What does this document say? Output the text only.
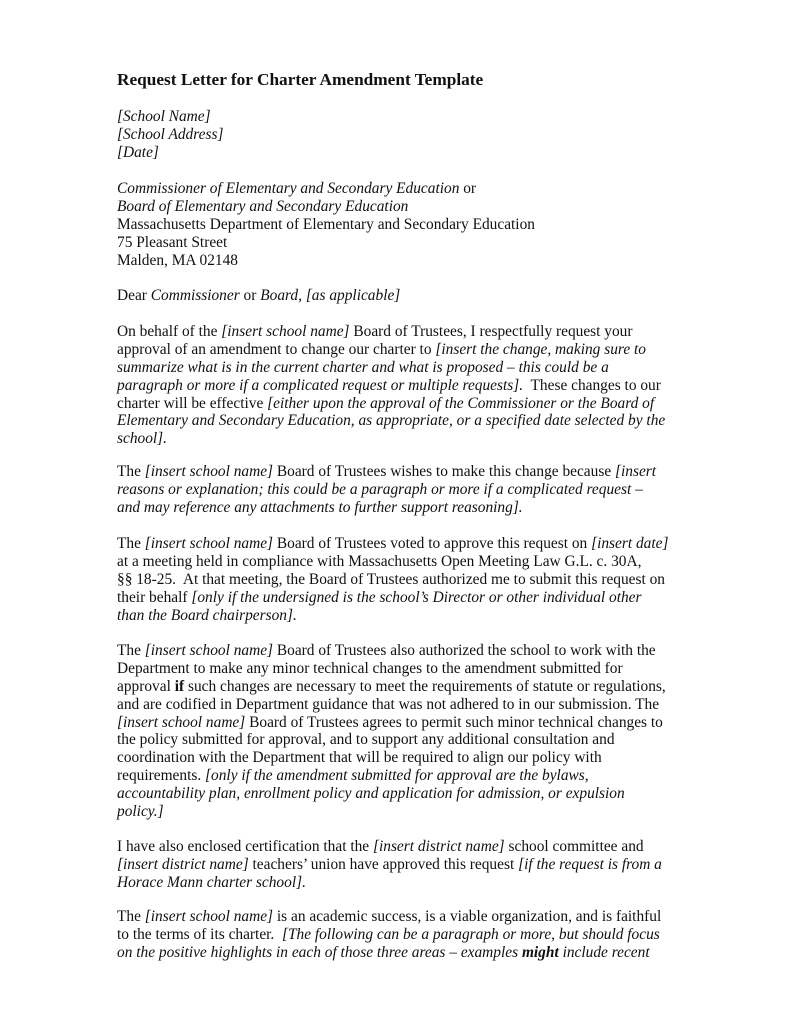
Request Letter for Charter Amendment Template
[School Name]
[School Address]
[Date]
Commissioner of Elementary and Secondary Education or
Board of Elementary and Secondary Education
Massachusetts Department of Elementary and Secondary Education
75 Pleasant Street
Malden, MA 02148
Dear Commissioner or Board, [as applicable]
On behalf of the [insert school name] Board of Trustees, I respectfully request your
approval of an amendment to change our charter to [insert the change, making sure to
summarize what is in the current charter and what is proposed – this could be a
paragraph or more if a complicated request or multiple requests].  These changes to our
charter will be effective [either upon the approval of the Commissioner or the Board of
Elementary and Secondary Education, as appropriate, or a specified date selected by the
school].
The [insert school name] Board of Trustees wishes to make this change because [insert
reasons or explanation; this could be a paragraph or more if a complicated request –
and may reference any attachments to further support reasoning].
The [insert school name] Board of Trustees voted to approve this request on [insert date]
at a meeting held in compliance with Massachusetts Open Meeting Law G.L. c. 30A,
§§ 18-25.  At that meeting, the Board of Trustees authorized me to submit this request on
their behalf [only if the undersigned is the school’s Director or other individual other
than the Board chairperson].
The [insert school name] Board of Trustees also authorized the school to work with the
Department to make any minor technical changes to the amendment submitted for
approval if such changes are necessary to meet the requirements of statute or regulations,
and are codified in Department guidance that was not adhered to in our submission. The
[insert school name] Board of Trustees agrees to permit such minor technical changes to
the policy submitted for approval, and to support any additional consultation and
coordination with the Department that will be required to align our policy with
requirements. [only if the amendment submitted for approval are the bylaws,
accountability plan, enrollment policy and application for admission, or expulsion
policy.]
I have also enclosed certification that the [insert district name] school committee and
[insert district name] teachers’ union have approved this request [if the request is from a
Horace Mann charter school].
The [insert school name] is an academic success, is a viable organization, and is faithful
to the terms of its charter.  [The following can be a paragraph or more, but should focus
on the positive highlights in each of those three areas – examples might include recent
